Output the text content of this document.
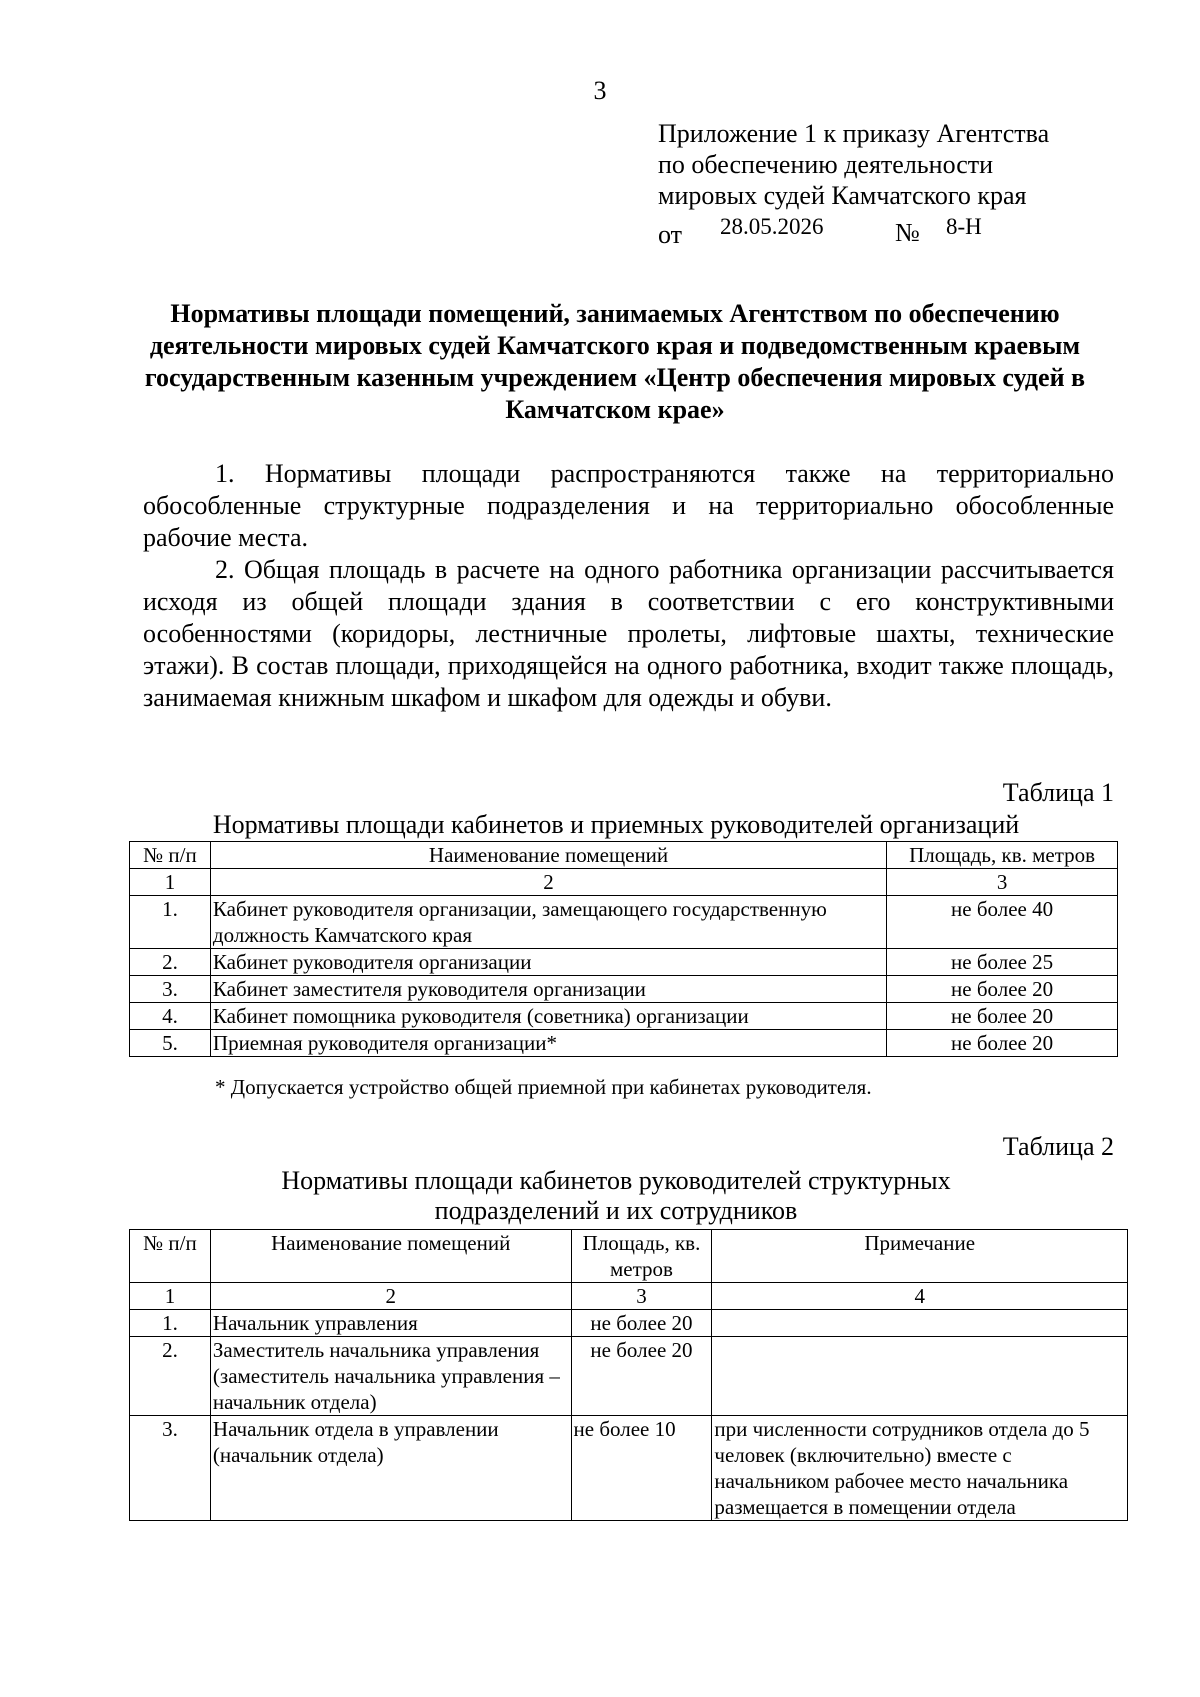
3
Приложение 1 к приказу Агентства
по обеспечению деятельности
мировых судей Камчатского края
от 28.05.2026	№ 8-Н
Нормативы площади помещений, занимаемых Агентством по обеспечению деятельности мировых судей Камчатского края и подведомственным краевым государственным казенным учреждением «Центр обеспечения мировых судей в Камчатском крае»
1. Нормативы площади распространяются также на территориально обособленные структурные подразделения и на территориально обособленные рабочие места.
2. Общая площадь в расчете на одного работника организации рассчитывается исходя из общей площади здания в соответствии с его конструктивными особенностями (коридоры, лестничные пролеты, лифтовые шахты, технические этажи). В состав площади, приходящейся на одного работника, входит также площадь, занимаемая книжным шкафом и шкафом для одежды и обуви.
Таблица 1
Нормативы площади кабинетов и приемных руководителей организаций
№ п/п	Наименование помещений	Площадь, кв. метров
1	2	3
1.	Кабинет руководителя организации, замещающего государственную должность Камчатского края	не более 40
2.	Кабинет руководителя организации	не более 25
3.	Кабинет заместителя руководителя организации	не более 20
4.	Кабинет помощника руководителя (советника) организации	не более 20
5.	Приемная руководителя организации*	не более 20
* Допускается устройство общей приемной при кабинетах руководителя.
Таблица 2
Нормативы площади кабинетов руководителей структурных
подразделений и их сотрудников
№ п/п	Наименование помещений	Площадь, кв. метров	Примечание
1	2	3	4
1.	Начальник управления	не более 20	
2.	Заместитель начальника управления (заместитель начальника управления – начальник отдела)	не более 20	
3.	Начальник отдела в управлении (начальник отдела)	не более 10	при численности сотрудников отдела до 5 человек (включительно) вместе с начальником рабочее место начальника размещается в помещении отдела
